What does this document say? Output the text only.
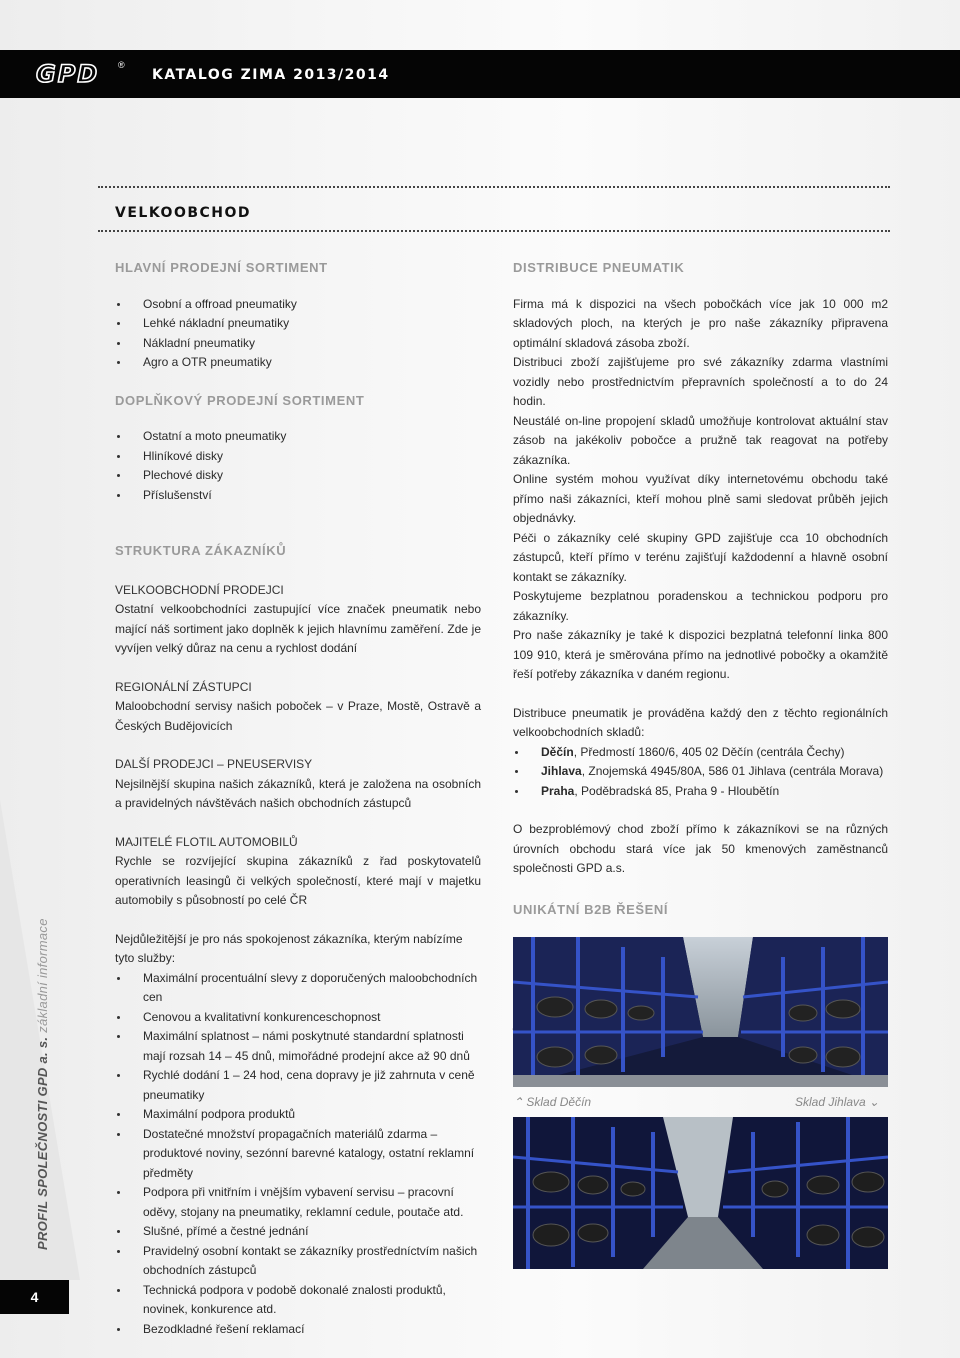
GPD ®
KATALOG ZIMA 2013/2014
VELKOOBCHOD
HLAVNÍ PRODEJNÍ SORTIMENT
Osobní a offroad pneumatiky
Lehké nákladní pneumatiky
Nákladní pneumatiky
Agro a OTR pneumatiky
DOPLŇKOVÝ PRODEJNÍ SORTIMENT
Ostatní a moto pneumatiky
Hliníkové disky
Plechové disky
Příslušenství
STRUKTURA ZÁKAZNÍKŮ
VELKOOBCHODNÍ PRODEJCI

Ostatní velkoobchodníci zastupující více značek pneumatik nebo mající náš sortiment jako doplněk k jejich hlavnímu zaměření. Zde je vyvíjen velký důraz na cenu a rychlost dodání

REGIONÁLNÍ ZÁSTUPCI

Maloobchodní servisy našich poboček – v Praze, Mostě, Ostravě a Českých Budějovicích

DALŠÍ PRODEJCI – PNEUSERVISY

Nejsilnější skupina našich zákazníků, která je založena na osobních a pravidelných návštěvách našich obchodních zástupců

MAJITELÉ FLOTIL AUTOMOBILŮ

Rychle se rozvíjející skupina zákazníků z řad poskytovatelů operativních leasingů či velkých společností, které mají v majetku automobily s působností po celé ČR

Nejdůležitější je pro nás spokojenost zákazníka, kterým nabízíme tyto služby:

Maximální procentuální slevy z doporučených maloobchodních cen
Cenovou a kvalitativní konkurenceschopnost
Maximální splatnost – námi poskytnuté standardní splatnosti mají rozsah 14 – 45 dnů, mimořádné prodejní akce až 90 dnů
Rychlé dodání 1 – 24 hod, cena dopravy je již zahrnuta v ceně pneumatiky
Maximální podpora produktů
Dostatečné množství propagačních materiálů zdarma – produktové noviny, sezónní barevné katalogy, ostatní reklamní předměty
Podpora při vnitřním i vnějším vybavení servisu – pracovní oděvy, stojany na pneumatiky, reklamní cedule, poutače atd.
Slušné, přímé a čestné jednání
Pravidelný osobní kontakt se zákazníky prostředníctvím našich obchodních zástupců
Technická podpora v podobě dokonalé znalosti produktů, novinek, konkurence atd.
Bezodkladné řešení reklamací
DISTRIBUCE PNEUMATIK

Firma má k dispozici na všech pobočkách více jak 10 000 m2 skladových ploch, na kterých je pro naše zákazníky připravena optimální skladová zásoba zboží.

Distribuci zboží zajišťujeme pro své zákazníky zdarma vlastními vozidly nebo prostřednictvím přepravních společností a to do 24 hodin.

Neustálé on-line propojení skladů umožňuje kontrolovat aktuální stav zásob na jakékoliv pobočce a pružně tak reagovat na potřeby zákazníka.

Online systém mohou využívat díky internetovému obchodu také přímo naši zákazníci, kteří mohou plně sami sledovat průběh jejich objednávky.

Péči o zákazníky celé skupiny GPD zajišťuje cca 10 obchodních zástupců, kteří přímo v terénu zajišťují každodenní a hlavně osobní kontakt se zákazníky.

Poskytujeme bezplatnou poradenskou a technickou podporu pro zákazníky.

Pro naše zákazníky je také k dispozici bezplatná telefonní linka 800 109 910, která je směrována přímo na jednotlivé pobočky a okamžitě řeší potřeby zákazníka v daném regionu.

Distribuce pneumatik je prováděna každý den z těchto regionálních velkoobchodních skladů:

Děčín, Předmostí 1860/6, 405 02 Děčín (centrála Čechy)
Jihlava, Znojemská 4945/80A, 586 01 Jihlava (centrála Morava)
Praha, Poděbradská 85, Praha 9 - Hloubětín

O bezproblémový chod zboží přímo k zákazníkovi se na různých úrovních obchodu stará více jak 50 kmenových zaměstnanců společnosti GPD a.s.

UNIKÁTNÍ B2B ŘEŠENÍ

⌃ Sklad Děčín	Sklad Jihlava ⌄
PROFIL SPOLEČNOSTI GPD a. s. základní informace
4
